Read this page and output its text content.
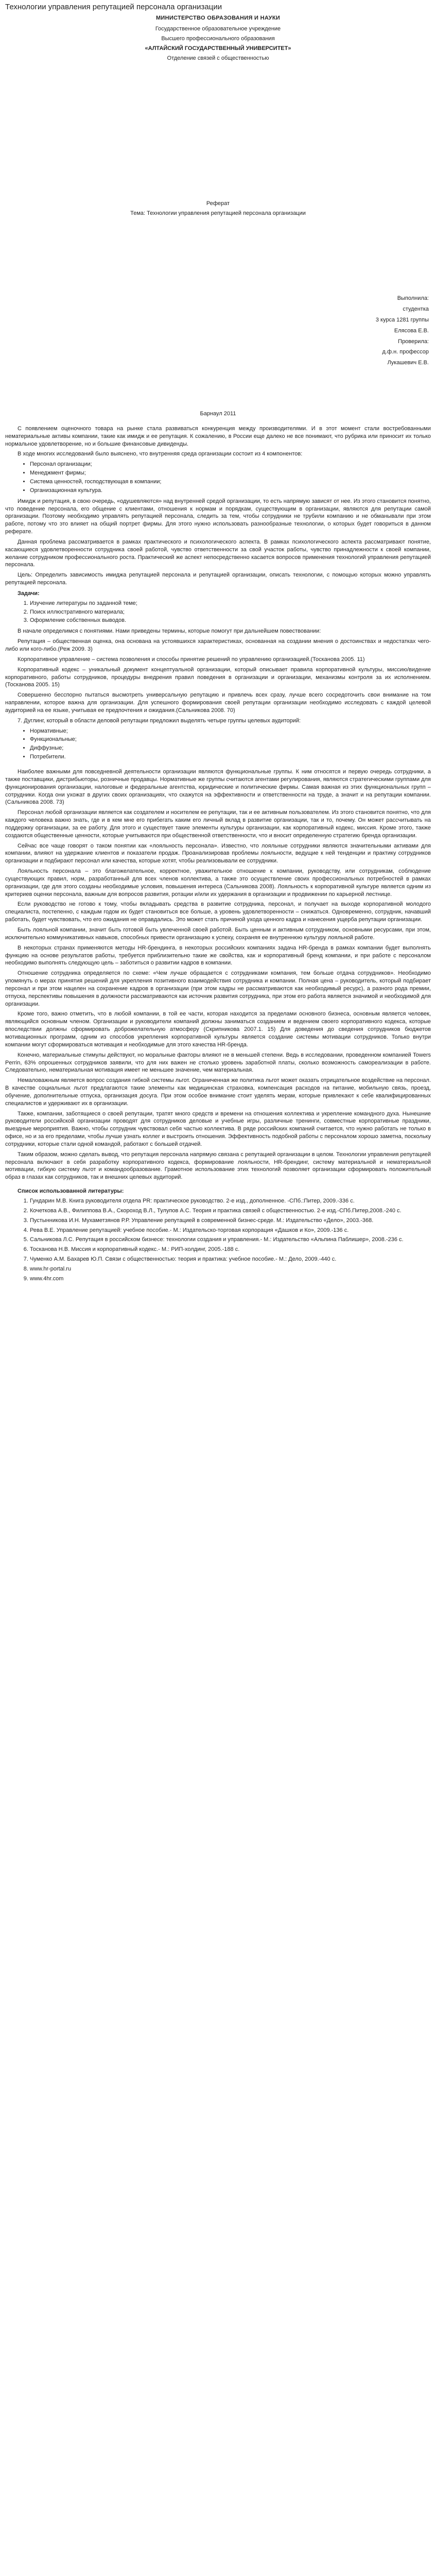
Технологии управления репутацией персонала организации
МИНИСТЕРСТВО ОБРАЗОВАНИЯ И НАУКИ
Государственное образовательное учреждение
Высшего профессионального образования
«АЛТАЙСКИЙ ГОСУДАРСТВЕННЫЙ УНИВЕРСИТЕТ»
Отделение связей с общественностью
Реферат
Тема: Технологии управления репутацией персонала организации
Выполнила:
студентка
3 курса 1281 группы
Елясова Е.В.
Проверила:
д.ф.н. профессор
Лукашевич Е.В.
Барнаул 2011

С появлением оценочного товара на рынке стала развиваться конкуренция между производителями. И в этот момент стали востребованными нематериальные активы компании, такие как имидж и ее репутация. К сожалению, в России еще далеко не все понимают, что рубрика или приносит их только нормальное удовлетворение, но и большие финансовые дивиденды.

В ходе многих исследований было выяснено, что внутренняя среда организации состоит из 4 компонентов:

• Персонал организации;
• Менеджмент фирмы;
• Система ценностей, господствующая в компании;
• Организационная культура.

Имидж и репутация, в свою очередь, «одушевляются» над внутренней средой организации, то есть напрямую зависят от нее. Из этого становится понятно, что поведение персонала, его общение с клиентами, отношения к нормам и порядкам, существующим в организации, являются для репутации самой организации. Поэтому необходимо управлять репутацией персонала, следить за тем, чтобы сотрудники не трубили компанию и не обманывали при этом работе, потому что это влияет на общий портрет фирмы. Для этого нужно использовать разнообразные технологии, о которых будет говориться в данном реферате.

Данная проблема рассматривается в рамках практического и психологического аспекта. В рамках психологического аспекта рассматривают понятие, касающиеся удовлетворенности сотрудника своей работой, чувство ответственности за свой участок работы, чувство принадлежности к своей компании, желание сотрудником профессионального роста. Практический же аспект непосредственно касается вопросов применения технологий управления репутацией персонала.

Цель: Определить зависимость имиджа репутацией персонала и репутацией организации, описать технологии, с помощью которых можно управлять репутацией персонала.

Задачи:
1. Изучение литературы по заданной теме;
2. Поиск иллюстративного материала;
3. Оформление собственных выводов.

В начале определимся с понятиями. Нами приведены термины, которые помогут при дальнейшем повествовании:

Репутация – общественная оценка, она основана на устоявшихся характеристиках, основанная на создании мнения о достоинствах и недостатках чего-либо или кого-либо.(Реж 2009. 3)

Корпоративное управление – система позволения и способы принятие решений по управлению организацией.(Тосканова 2005. 11)

Корпоративный кодекс – уникальный документ концептуальной организации, который описывает правила корпоративной культуры, миссию/видение корпоративного, работы сотрудников, процедуры внедрения правил поведения в организации и организации, механизмы контроля за их исполнением. (Тосканова 2005. 15)

Совершенно бесспорно пытаться высмотреть универсальную репутацию и привлечь всех сразу, лучше всего сосредоточить свои внимание на том направлении, которое важна для организации. Для успешного формирования своей репутации организации необходимо исследовать с каждой целевой аудиторией на ее языке, учитывая ее предпочтения и ожидания.(Сальникова 2008. 70)

7. Дуглинг, который в области деловой репутации предложил выделять четыре группы целевых аудиторий:

• Нормативные;
• Функциональные;
• Диффузные;
• Потребители.

Наиболее важными для повседневной деятельности организации являются функциональные группы. К ним относятся и первую очередь сотрудники, а также поставщики, дистрибьюторы, розничные продавцы. Нормативные же группы считаются агентами регулирования, являются стратегическими группами для функционирования организации, налоговые и федеральные агентства, юридические и политические фирмы. Самая важная из этих функциональных групп – сотрудники. Когда они ухожат в других своих организациях, что скажутся на эффективности и ответственности на труде, а значит и на репутации компании.(Сальникова 2008. 73)

Персонал любой организации является как создателем и носителем ее репутации, так и ее активным пользователем. Из этого становится понятно, что для каждого человека важно знать, где и в кем мне его прибегать каким его личный вклад в развитие организации, так и то, почему. Он может рассчитывать на поддержку организации, за ее работу. Для этого и существует такие элементы культуры организации, как корпоративный кодекс, миссия. Кроме этого, также создаются общественные ценности, которые учитываются при общественной ответственности, что и вносит определенную стратегию бренда организации.

Сейчас все чаще говорят о таком понятии как «лояльность персонала». Известно, что лояльные сотрудники являются значительными активами для компании, влияют на удержание клиентов и показатели продаж. Проанализировав проблемы лояльности, ведущие к ней тенденции и практику сотрудников организации и подбирают персонал или качества, которые хотят, чтобы реализовывали ее сотрудники.

Лояльность персонала – это благожелательное, корректное, уважительное отношение к компании, руководству, или сотрудникам, соблюдение существующих правил, норм, разработанный для всех членов коллектива, а также это осуществление своих профессиональных потребностей в рамках организации, где для этого созданы необходимые условия, повышения интереса (Сальникова 2008). Лояльность к корпоративной культуре является одним из критериев оценки персонала, важным для вопросов развития, ротации и/или их удержания в организации и продвижении по карьерной лестнице.

Если руководство не готово к тому, чтобы вкладывать средства в развитие сотрудника, персонал, и получает на выходе корпоративной молодого специалиста, постепенно, с каждым годом их будет становиться все больше, а уровень удовлетворенности – снижаться. Одновременно, сотрудник, начавший работать, будет чувствовать, что его ожидания не оправдались. Это может стать причиной ухода ценного кадра и нанесения ущерба репутации организации.

Быть лояльной компании, значит быть готовой быть увлеченной своей работой. Быть ценным и активным сотрудником, основными ресурсами, при этом, исключительно коммуникативных навыков, способных привести организацию к успеху, сохраняя ее внутреннюю культуру лояльной работе.

В некоторых странах применяются методы HR-брендинга, в некоторых российских компаниях задача HR-бренда в рамках компании будет выполнять функцию на основе результатов работы, требуется приблизительно такие же свойства, как и корпоративный бренд компании, и при работе с персоналом необходимо выполнять следующую цель – заботиться о развитии кадров в компании.

Отношение сотрудника определяется по схеме: «Чем лучше обращается с сотрудниками компания, тем больше отдача сотрудников». Необходимо упомянуть о мерах принятия решений для укрепления позитивного взаимодействия сотрудника и компании. Полная цена – руководитель, который подбирает персонал и при этом нацелен на сохранение кадров в организации (при этом кадры не рассматриваются как необходимый ресурс), а разного рода премии, отпуска, перспективы повышения в должности рассматриваются как источник развития сотрудника, при этом его работа является значимой и необходимой для организации.

Кроме того, важно отметить, что в любой компании, в той ее части, которая находится за пределами основного бизнеса, основным является человек, являющийся основным членом. Организации и руководители компаний должны заниматься созданием и ведением своего корпоративного кодекса, которые впоследствии должны сформировать доброжелательную атмосферу (Скрипникова 2007.1. 15) Для доведения до сведения сотрудников бюджетов мотивационных программ, одним из способов укрепления корпоративной культуры является создание системы мотивации сотрудников. Только внутри компании могут сформироваться мотивация и необходимые для этого качества HR-бренда.

Конечно, материальные стимулы действуют, но моральные факторы влияют не в меньшей степени. Ведь в исследовании, проведенном компанией Towers Perrin, 63% опрошенных сотрудников заявили, что для них важен не столько уровень заработной платы, сколько возможность самореализации в работе. Следовательно, нематериальная мотивация имеет не меньшее значение, чем материальная.

Немаловажным является вопрос создания гибкой системы льгот. Ограниченная же политика льгот может оказать отрицательное воздействие на персонал. В качестве социальных льгот предлагаются такие элементы как медицинская страховка, компенсация расходов на питание, мобильную связь, проезд, обучение, дополнительные отпуска, организация досуга. При этом особое внимание стоит уделять мерам, которые привлекают к себе квалифицированных специалистов и удерживают их в организации.

Также, компании, заботящиеся о своей репутации, тратят много средств и времени на отношения коллектива и укрепление командного духа. Нынешние руководители российской организации проводят для сотрудников деловые и учебные игры, различные тренинги, совместные корпоративные праздники, выездные мероприятия. Важно, чтобы сотрудник чувствовал себя частью коллектива. В ряде российских компаний считается, что нужно работать не только в офисе, но и за его пределами, чтобы лучше узнать коллег и выстроить отношения. Эффективность подобной работы с персоналом хорошо заметна, поскольку сотрудники, которые стали одной командой, работают с большей отдачей.

Таким образом, можно сделать вывод, что репутация персонала напрямую связана с репутацией организации в целом. Технологии управления репутацией персонала включают в себя разработку корпоративного кодекса, формирование лояльности, HR-брендинг, систему материальной и нематериальной мотивации, гибкую систему льгот и командообразование. Грамотное использование этих технологий позволяет организации сформировать положительный образ в глазах как сотрудников, так и внешних целевых аудиторий.

Список использованной литературы:
1. Гундарин М.В. Книга руководителя отдела PR: практическое руководство. 2-е изд., дополненное. -СПб.:Питер, 2009.-336 с.
2. Кочеткова А.В., Филиппова В.А., Скороход В.Л., Тулупов А.С. Теория и практика связей с общественностью. 2-е изд.-СПб.Питер,2008.-240 с.
3. Пустынникова И.Н. Мухаметзянов Р.Р. Управление репутацией в современной бизнес-среде. М.: Издательство «Дело», 2003.-368.
4. Рева В.Е. Управление репутацией: учебное пособие.- М.: Издательско-торговая корпорация «Дашков и Ко», 2009.-136 с.
5. Сальникова Л.С. Репутация в российском бизнесе: технологии создания и управления.- М.: Издательство «Альпина Паблишер», 2008.-236 с.
6. Тосканова Н.В. Миссия и корпоративный кодекс.- М.: РИП-холдинг, 2005.-188 с.
7. Чуменко А.М. Бахарев Ю.П. Связи с общественностью: теория и практика: учебное пособие.- М.: Дело, 2009.-440 с.
8. www.hr-portal.ru
9. www.4hr.com
